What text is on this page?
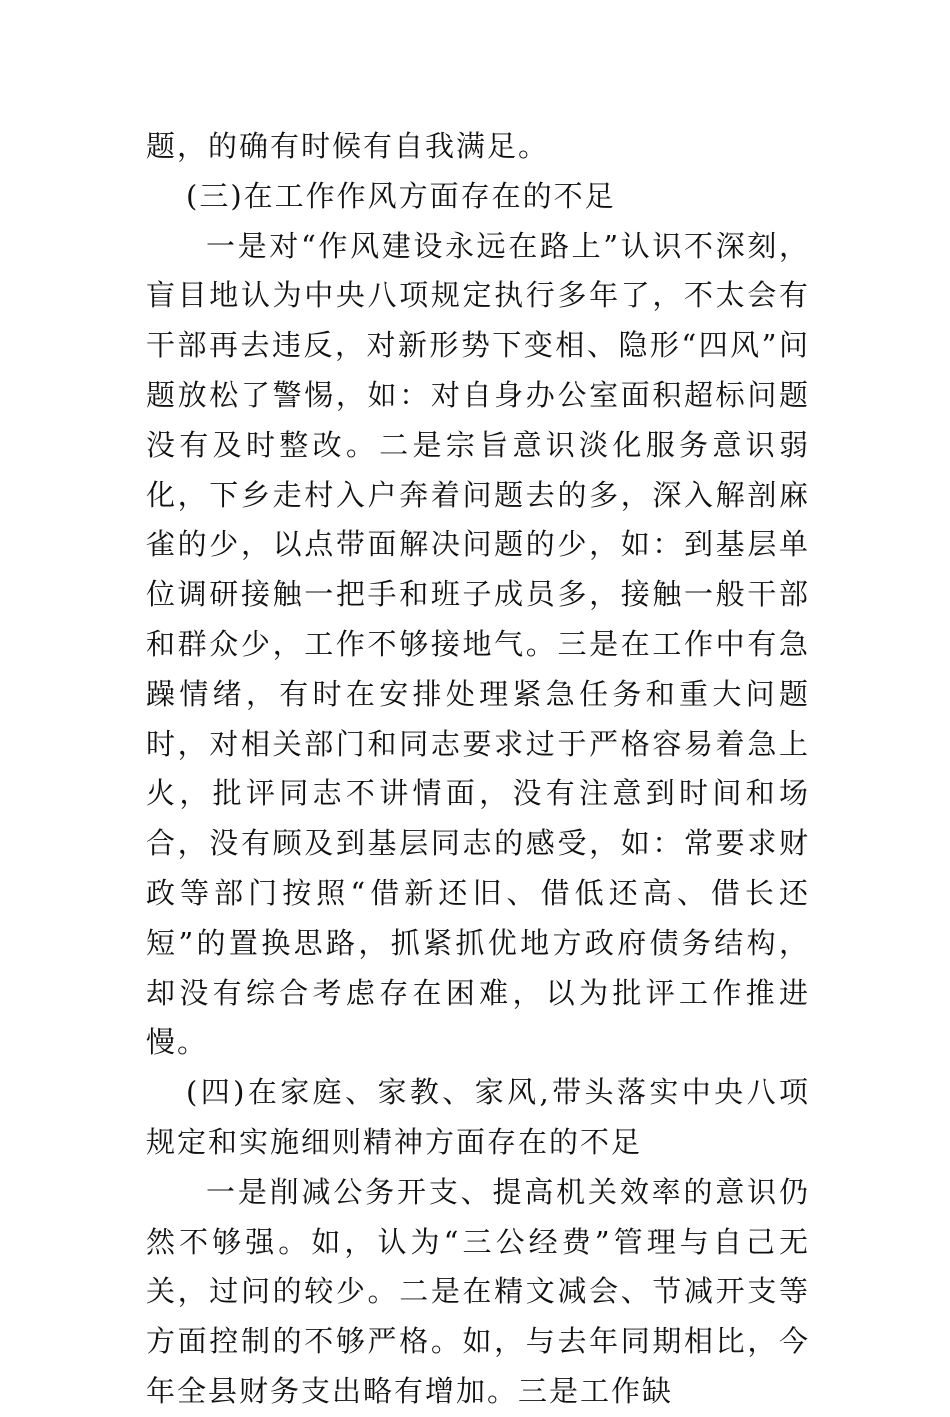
题，的确有时候有自我满足。

(三)在工作作风方面存在的不足

一是对“作风建设永远在路上”认识不深刻，盲目地认为中央八项规定执行多年了，不太会有干部再去违反，对新形势下变相、隐形“四风”问题放松了警惕，如：对自身办公室面积超标问题没有及时整改。二是宗旨意识淡化服务意识弱化，下乡走村入户奔着问题去的多，深入解剖麻雀的少，以点带面解决问题的少，如：到基层单位调研接触一把手和班子成员多，接触一般干部和群众少，工作不够接地气。三是在工作中有急躁情绪，有时在安排处理紧急任务和重大问题时，对相关部门和同志要求过于严格容易着急上火，批评同志不讲情面，没有注意到时间和场合，没有顾及到基层同志的感受，如：常要求财政等部门按照“借新还旧、借低还高、借长还短”的置换思路，抓紧抓优地方政府债务结构，却没有综合考虑存在困难，以为批评工作推进慢。

(四)在家庭、家教、家风,带头落实中央八项规定和实施细则精神方面存在的不足

一是削减公务开支、提高机关效率的意识仍然不够强。如，认为“三公经费”管理与自己无关，过问的较少。二是在精文减会、节减开支等方面控制的不够严格。如，与去年同期相比，今年全县财务支出略有增加。三是工作缺
